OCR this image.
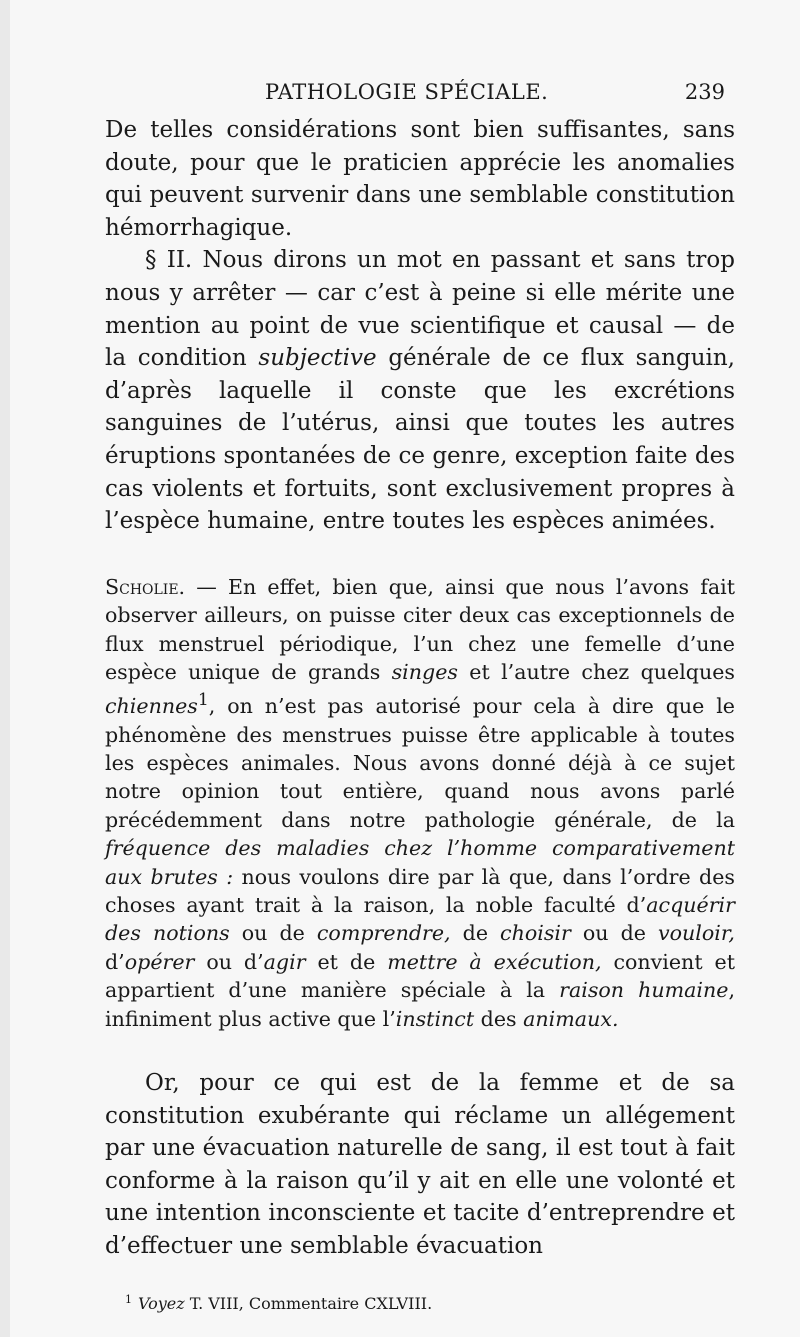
PATHOLOGIE SPÉCIALE.	239

De telles considérations sont bien suffisantes, sans doute, pour que le praticien apprécie les anomalies qui peuvent survenir dans une semblable constitution hémorrhagique.

§ II. Nous dirons un mot en passant et sans trop nous y arrêter — car c’est à peine si elle mérite une mention au point de vue scientifique et causal — de la condition subjective générale de ce flux sanguin, d’après laquelle il conste que les excrétions sanguines de l’utérus, ainsi que toutes les autres éruptions spontanées de ce genre, exception faite des cas violents et fortuits, sont exclusivement propres à l’espèce humaine, entre toutes les espèces animées.

Scholie. — En effet, bien que, ainsi que nous l’avons fait observer ailleurs, on puisse citer deux cas exceptionnels de flux menstruel périodique, l’un chez une femelle d’une espèce unique de grands singes et l’autre chez quelques chiennes$^1$, on n’est pas autorisé pour cela à dire que le phénomène des menstrues puisse être applicable à toutes les espèces animales. Nous avons donné déjà à ce sujet notre opinion tout entière, quand nous avons parlé précédemment dans notre pathologie générale, de la fréquence des maladies chez l’homme comparativement aux brutes : nous voulons dire par là que, dans l’ordre des choses ayant trait à la raison, la noble faculté d’acquérir des notions ou de comprendre, de choisir ou de vouloir, d’opérer ou d’agir et de mettre à exécution, convient et appartient d’une manière spéciale à la raison humaine, infiniment plus active que l’instinct des animaux.

Or, pour ce qui est de la femme et de sa constitution exubérante qui réclame un allégement par une évacuation naturelle de sang, il est tout à fait conforme à la raison qu’il y ait en elle une volonté et une intention inconsciente et tacite d’entreprendre et d’effectuer une semblable évacuation

$^1$ Voyez T. VIII, Commentaire CXLVIII.
